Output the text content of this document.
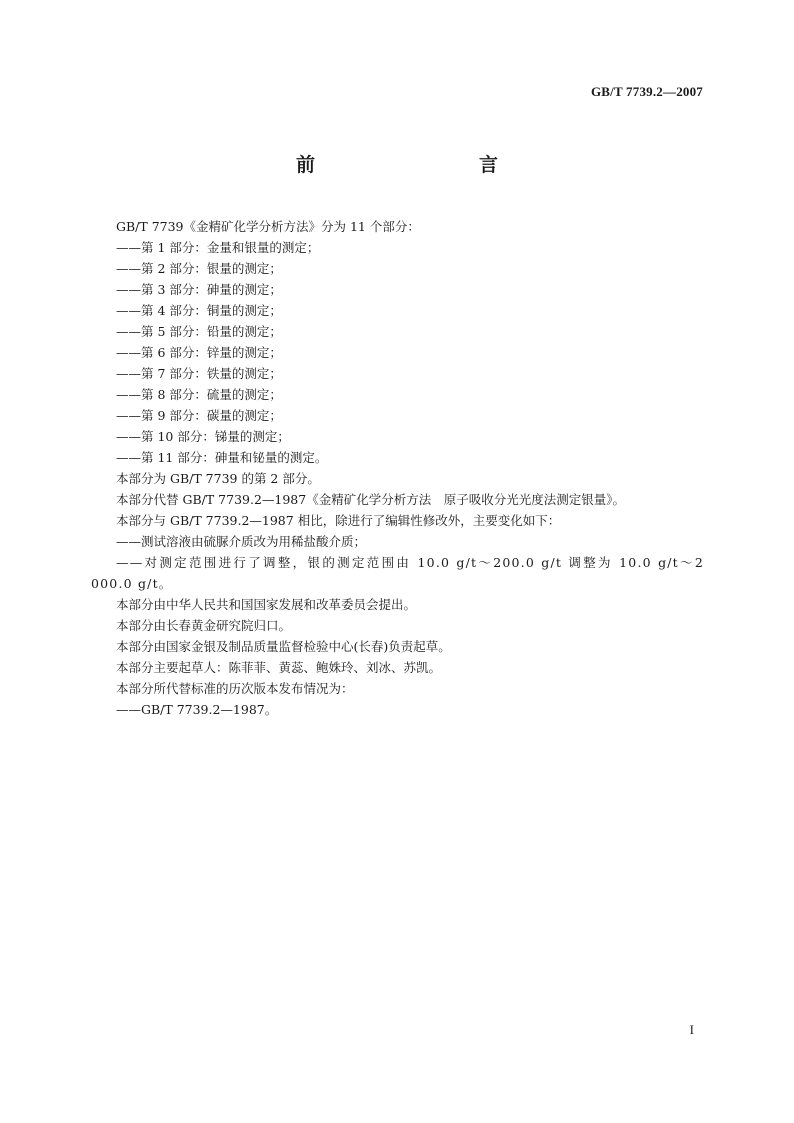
GB/T 7739.2—2007
前　　言

GB/T 7739《金精矿化学分析方法》分为 11 个部分：

——第 1 部分：金量和银量的测定；

——第 2 部分：银量的测定；

——第 3 部分：砷量的测定；

——第 4 部分：铜量的测定；

——第 5 部分：铅量的测定；

——第 6 部分：锌量的测定；

——第 7 部分：铁量的测定；

——第 8 部分：硫量的测定；

——第 9 部分：碳量的测定；

——第 10 部分：锑量的测定；

——第 11 部分：砷量和铋量的测定。

本部分为 GB/T 7739 的第 2 部分。

本部分代替 GB/T 7739.2—1987《金精矿化学分析方法　原子吸收分光光度法测定银量》。

本部分与 GB/T 7739.2—1987 相比，除进行了编辑性修改外，主要变化如下：

——测试溶液由硫脲介质改为用稀盐酸介质；

——对测定范围进行了调整，银的测定范围由 10.0 g/t～200.0 g/t 调整为 10.0 g/t～2 000.0 g/t。

本部分由中华人民共和国国家发展和改革委员会提出。

本部分由长春黄金研究院归口。

本部分由国家金银及制品质量监督检验中心(长春)负责起草。

本部分主要起草人：陈菲菲、黄蕊、鲍姝玲、刘冰、苏凯。

本部分所代替标准的历次版本发布情况为：

——GB/T 7739.2—1987。

I
